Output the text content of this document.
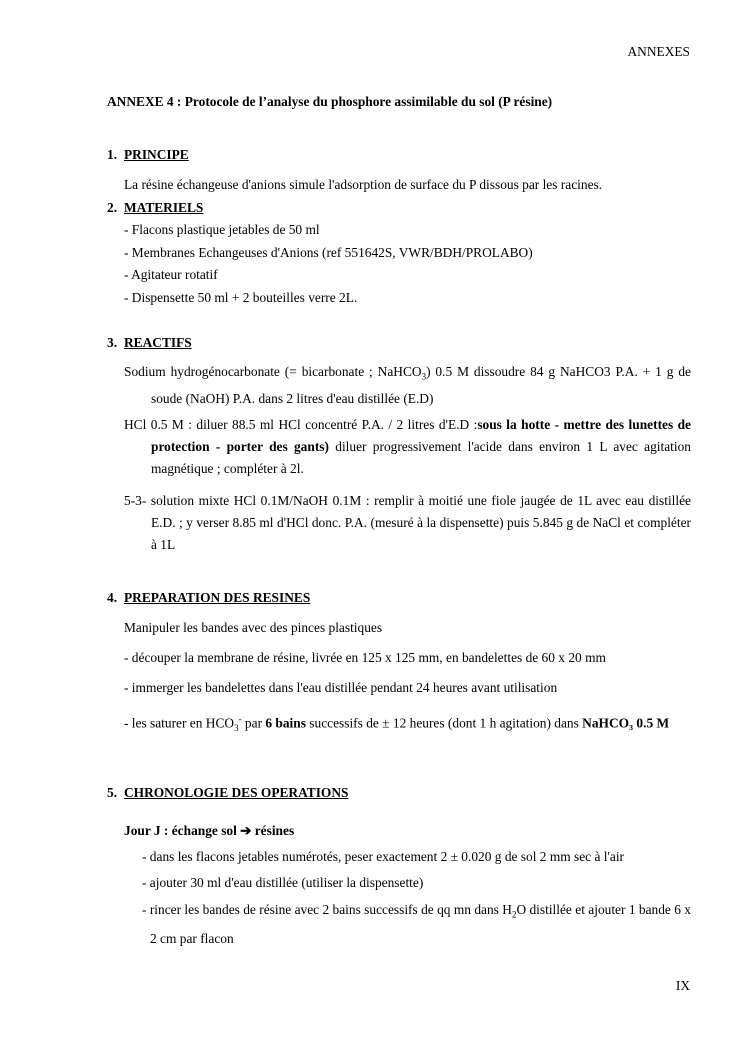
ANNEXES
ANNEXE 4 : Protocole de l’analyse du phosphore assimilable du sol (P résine)
1. PRINCIPE
La résine échangeuse d'anions simule l'adsorption de surface du P dissous par les racines.
2. MATERIELS
- Flacons plastique jetables de 50 ml
- Membranes Echangeuses d'Anions (ref 551642S, VWR/BDH/PROLABO)
- Agitateur rotatif
- Dispensette 50 ml + 2 bouteilles verre 2L.
3. REACTIFS
Sodium hydrogénocarbonate (= bicarbonate ; NaHCO$_3$) 0.5 M dissoudre 84 g NaHCO3 P.A. + 1 g de soude (NaOH) P.A. dans 2 litres d'eau distillée (E.D)
HCl 0.5 M : diluer 88.5 ml HCl concentré P.A. / 2 litres d'E.D :sous la hotte - mettre des lunettes de protection - porter des gants) diluer progressivement l'acide dans environ 1 L avec agitation magnétique ; compléter à 2l.
5-3- solution mixte HCl 0.1M/NaOH 0.1M : remplir à moitié une fiole jaugée de 1L avec eau distillée E.D. ; y verser 8.85 ml d'HCl donc. P.A. (mesuré à la dispensette) puis 5.845 g de NaCl et compléter à 1L
4. PREPARATION DES RESINES
Manipuler les bandes avec des pinces plastiques
- découper la membrane de résine, livrée en 125 x 125 mm, en bandelettes de 60 x 20 mm
- immerger les bandelettes dans l'eau distillée pendant 24 heures avant utilisation
- les saturer en $HCO_3^-$ par 6 bains successifs de ± 12 heures (dont 1 h agitation) dans NaHCO₃ 0.5 M
5. CHRONOLOGIE DES OPERATIONS
Jour J : échange sol ➔ résines
- dans les flacons jetables numérotés, peser exactement 2 ± 0.020 g de sol 2 mm sec à l'air
- ajouter 30 ml d'eau distillée (utiliser la dispensette)
- rincer les bandes de résine avec 2 bains successifs de qq mn dans $H_2O$ distillée et ajouter 1 bande 6 x 2 cm par flacon
IX
